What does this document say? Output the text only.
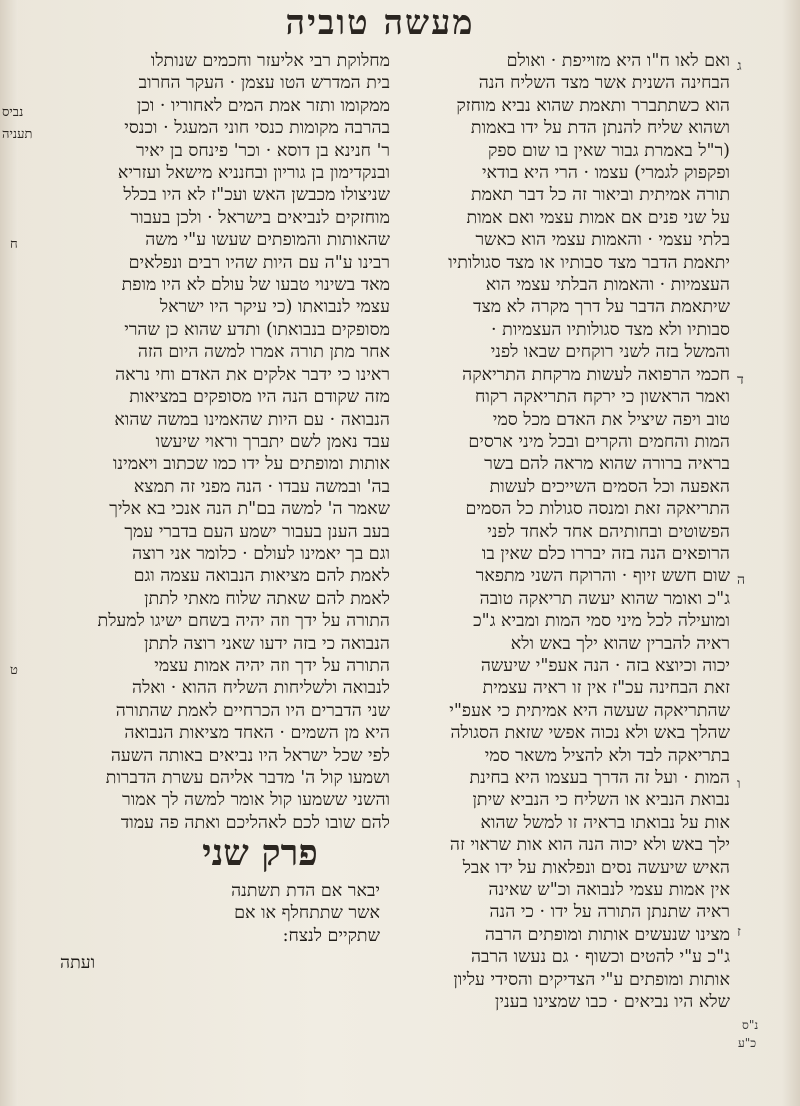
מעשה טוביה
ואם לאו ח"ו היא מזוייפת · ואולם
הבחינה השנית אשר מצד השליח הנה
הוא כשתתברר ותאמת שהוא נביא מוחזק
ושהוא שליח להנתן הדת על ידו באמות
(ר"ל באמרת גבור שאין בו שום ספק
ופקפוק לגמרי) עצמו · הרי היא בודאי
תורה אמיתית וביאור זה כל דבר תאמת
על שני פנים אם אמות עצמי ואם אמות
בלתי עצמי · והאמות עצמי הוא כאשר
יתאמת הדבר מצד סבותיו או מצד סגולותיו
העצמיות · והאמות הבלתי עצמי הוא
שיתאמת הדבר על דרך מקרה לא מצד
סבותיו ולא מצד סגולותיו העצמיות ·
והמשל בזה לשני רוקחים שבאו לפני
חכמי הרפואה לעשות מרקחת התריאקה
ואמר הראשון כי ירקח התריאקה רקוח
טוב ויפה שיציל את האדם מכל סמי
המות והחמים והקרים ובכל מיני ארסים
בראיה ברורה שהוא מראה להם בשר
האפעה וכל הסמים השייכים לעשות
התריאקה זאת ומנסה סגולות כל הסמים
הפשוטים ובחותיהם אחד לאחד לפני
הרופאים הנה בזה יבררו כלם שאין בו
שום חשש זיוף · והרוקח השני מתפאר
ג"כ ואומר שהוא יעשה תריאקה טובה
ומועילה לכל מיני סמי המות ומביא ג"כ
ראיה להברין שהוא ילך באש ולא
יכוה וכיוצא בזה · הנה אעפ"י שיעשה
זאת הבחינה עכ"ז אין זו ראיה עצמית
שהתריאקה שעשה היא אמיתית כי אעפ"י
שהלך באש ולא נכוה אפשי שזאת הסגולה
בתריאקה לבד ולא להציל משאר סמי
המות · ועל זה הדרך בעצמו היא בחינת
נבואת הנביא או השליח כי הנביא שיתן
אות על נבואתו בראיה זו למשל שהוא
ילך באש ולא יכוה הנה הוא אות שראוי זה
האיש שיעשה נסים ונפלאות על ידו אבל
אין אמות עצמי לנבואה וכ"ש שאינה
ראיה שתנתן התורה על ידו · כי הנה
מצינו שנעשים אותות ומופתים הרבה
ג"כ ע"י להטים וכשוף · גם נעשו הרבה
אותות ומופתים ע"י הצדיקים והסידי עליון
שלא היו נביאים · כבו שמצינו בענין
מחלוקת רבי אליעזר וחכמים שנותלו
בית המדרש הטו עצמן · העקר החרוב
ממקומו ותזר אמת המים לאחוריו · וכן
בהרבה מקומות כנסי חוני המעגל · וכנסי
ר' חנינא בן דוסא · וכר' פינחס בן יאיר
ובנקדימון בן גוריון ובחנניא מישאל ועזריא
שניצולו מכבשן האש ועכ"ז לא היו בכלל
מוחזקים לנביאים בישראל · ולכן בעבור
שהאותות והמופתים שעשו ע"י משה
רבינו ע"ה עם היות שהיו רבים ונפלאים
מאד בשינוי טבעו של עולם לא היו מופת
עצמי לנבואתו (כי עיקר היו ישראל
מסופקים בנבואתו) ותדע שהוא כן שהרי
אחר מתן תורה אמרו למשה היום הזה
ראינו כי ידבר אלקים את האדם וחי נראה
מזה שקודם הנה היו מסופקים במציאות
הנבואה · עם היות שהאמינו במשה שהוא
עבד נאמן לשם יתברך וראוי שיעשו
אותות ומופתים על ידו כמו שכתוב ויאמינו
בה' ובמשה עבדו · הנה מפני זה תמצא
שאמר ה' למשה בם"ת הנה אנכי בא אליך
בעב הענן בעבור ישמע העם בדברי עמך
וגם בך יאמינו לעולם · כלומר אני רוצה
לאמת להם מציאות הנבואה עצמה וגם
לאמת להם שאתה שלוח מאתי לתתן
התורה על ידך וזה יהיה בשחם ישיגו למעלת
הנבואה כי בזה ידעו שאני רוצה לתתן
התורה על ידך וזה יהיה אמות עצמי
לנבואה ולשליחות השליח ההוא · ואלה
שני הדברים היו הכרחיים לאמת שהתורה
היא מן השמים · האחד מציאות הנבואה
לפי שכל ישראל היו נביאים באותה השעה
ושמעו קול ה' מדבר אליהם עשרת הדברות
והשני ששמעו קול אומר למשה לך אמור
להם שובו לכם לאהליכם ואתה פה עמוד
ג
ד
ה
ו
ז
נביס
תעניה
ח
ט
פרק שני
יבאר אם הדת תשתנה
אשר שתתחלף או אם
שתקיים לנצח:
ועתה
נ"ס
כ"ע
